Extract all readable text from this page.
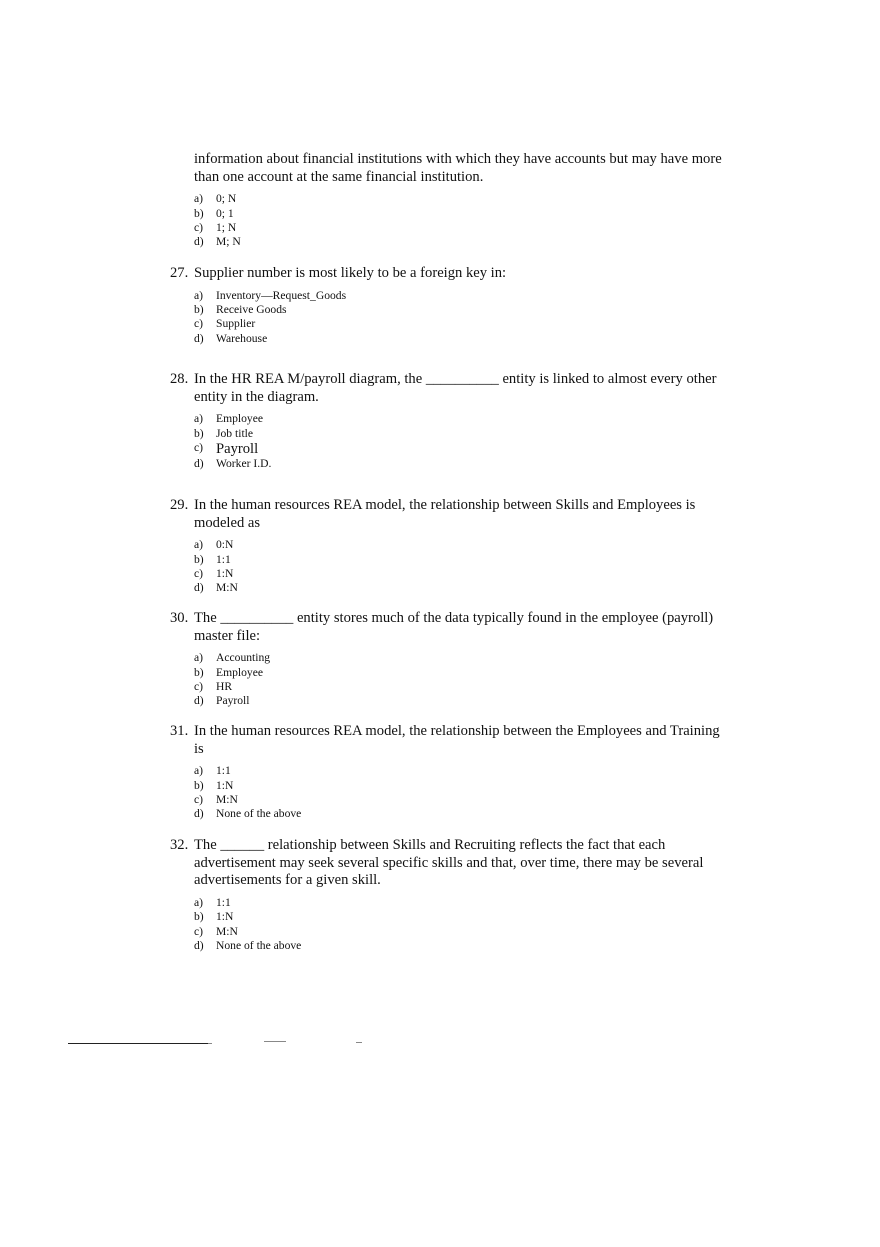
information about financial institutions with which they have accounts but may have more than one account at the same financial institution.
a)	0; N
b)	0; 1
c)	1; N
d)	M; N
27. Supplier number is most likely to be a foreign key in:
a)	Inventory—Request_Goods
b)	Receive Goods
c)	Supplier
d)	Warehouse
28. In the HR REA M/payroll diagram, the __________ entity is linked to almost every other entity in the diagram.
a)	Employee
b)	Job title
c) Payroll
d)	Worker I.D.
29. In the human resources REA model, the relationship between Skills and Employees is modeled as
a)	0:N
b)	1:1
c)	1:N
d)	M:N
30. The __________ entity stores much of the data typically found in the employee (payroll) master file:
a)	Accounting
b)	Employee
c)	HR
d)	Payroll
31. In the human resources REA model, the relationship between the Employees and Training is
a)	1:1
b)	1:N
c)	M:N
d)	None of the above
32. The ______ relationship between Skills and Recruiting reflects the fact that each advertisement may seek several specific skills and that, over time, there may be several advertisements for a given skill.
a)	1:1
b)	1:N
c)	M:N
d)	None of the above
